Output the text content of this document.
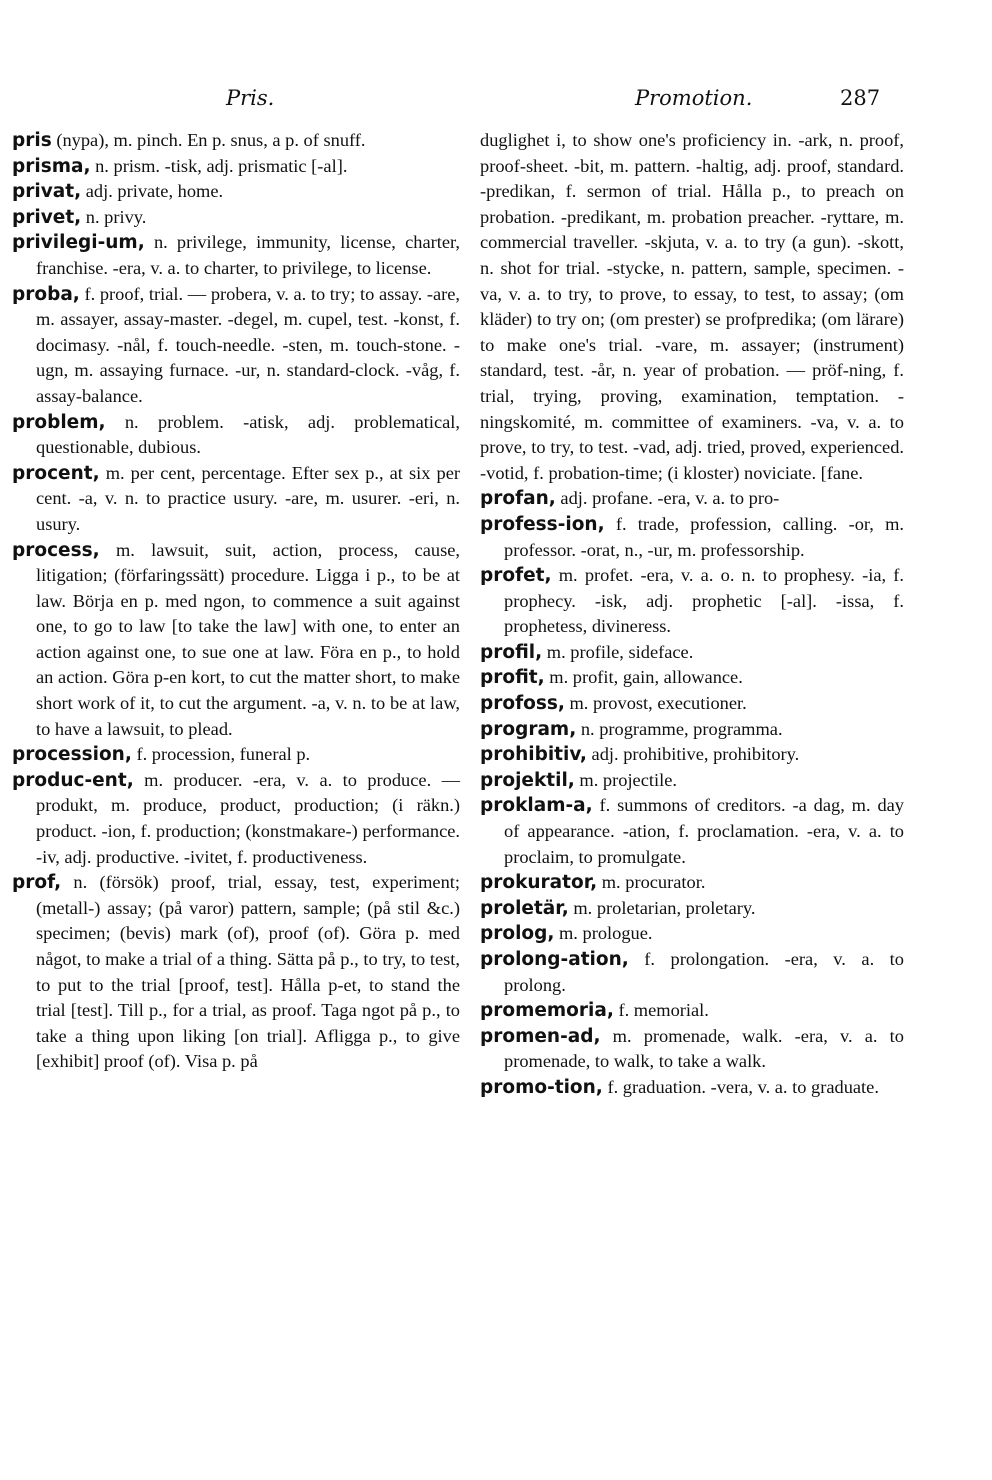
Pris.	Promotion.	287

pris (nypa), m. pinch. En p. snus, a p. of snuff.

prisma, n. prism. -tisk, adj. prismatic [-al].

privat, adj. private, home.

privet, n. privy.

privilegi-um, n. privilege, immunity, license, charter, franchise. -era, v. a. to charter, to privilege, to license.

proba, f. proof, trial. — probera, v. a. to try; to assay. -are, m. assayer, assay-master. -degel, m. cupel, test. -konst, f. docimasy. -nål, f. touch-needle. -sten, m. touch-stone. -ugn, m. assaying furnace. -ur, n. standard-clock. -våg, f. assay-balance.

problem, n. problem. -atisk, adj. problematical, questionable, dubious.

procent, m. per cent, percentage. Efter sex p., at six per cent. -a, v. n. to practice usury. -are, m. usurer. -eri, n. usury.

process, m. lawsuit, suit, action, process, cause, litigation; (förfaringssätt) procedure. Ligga i p., to be at law. Börja en p. med ngon, to commence a suit against one, to go to law [to take the law] with one, to enter an action against one, to sue one at law. Föra en p., to hold an action. Göra p-en kort, to cut the matter short, to make short work of it, to cut the argument. -a, v. n. to be at law, to have a lawsuit, to plead.

procession, f. procession, funeral p.

produc-ent, m. producer. -era, v. a. to produce. — produkt, m. produce, product, production; (i räkn.) product. -ion, f. production; (konstmakare-) performance. -iv, adj. productive. -ivitet, f. productiveness.

prof, n. (försök) proof, trial, essay, test, experiment; (metall-) assay; (på varor) pattern, sample; (på stil &c.) specimen; (bevis) mark (of), proof (of). Göra p. med något, to make a trial of a thing. Sätta på p., to try, to test, to put to the trial [proof, test]. Hålla p-et, to stand the trial [test]. Till p., for a trial, as proof. Taga ngot på p., to take a thing upon liking [on trial]. Afligga p., to give [exhibit] proof (of). Visa p. på

duglighet i, to show one's proficiency in. -ark, n. proof, proof-sheet. -bit, m. pattern. -haltig, adj. proof, standard. -predikan, f. sermon of trial. Hålla p., to preach on probation. -predikant, m. probation preacher. -ryttare, m. commercial traveller. -skjuta, v. a. to try (a gun). -skott, n. shot for trial. -stycke, n. pattern, sample, specimen. -va, v. a. to try, to prove, to essay, to test, to assay; (om kläder) to try on; (om prester) se profpredika; (om lärare) to make one's trial. -vare, m. assayer; (instrument) standard, test. -år, n. year of probation. — pröf-ning, f. trial, trying, proving, examination, temptation. -ningskomité, m. committee of examiners. -va, v. a. to prove, to try, to test. -vad, adj. tried, proved, experienced. -votid, f. probation-time; (i kloster) noviciate. [fane.

profan, adj. profane. -era, v. a. to pro-

profess-ion, f. trade, profession, calling. -or, m. professor. -orat, n., -ur, m. professorship.

profet, m. profet. -era, v. a. o. n. to prophesy. -ia, f. prophecy. -isk, adj. prophetic [-al]. -issa, f. prophetess, divineress.

profil, m. profile, sideface.

profit, m. profit, gain, allowance.

profoss, m. provost, executioner.

program, n. programme, programma.

prohibitiv, adj. prohibitive, prohibitory.

projektil, m. projectile.

proklam-a, f. summons of creditors. -a dag, m. day of appearance. -ation, f. proclamation. -era, v. a. to proclaim, to promulgate.

prokurator, m. procurator.

proletär, m. proletarian, proletary.

prolog, m. prologue.

prolong-ation, f. prolongation. -era, v. a. to prolong.

promemoria, f. memorial.

promen-ad, m. promenade, walk. -era, v. a. to promenade, to walk, to take a walk.

promo-tion, f. graduation. -vera, v. a. to graduate.
